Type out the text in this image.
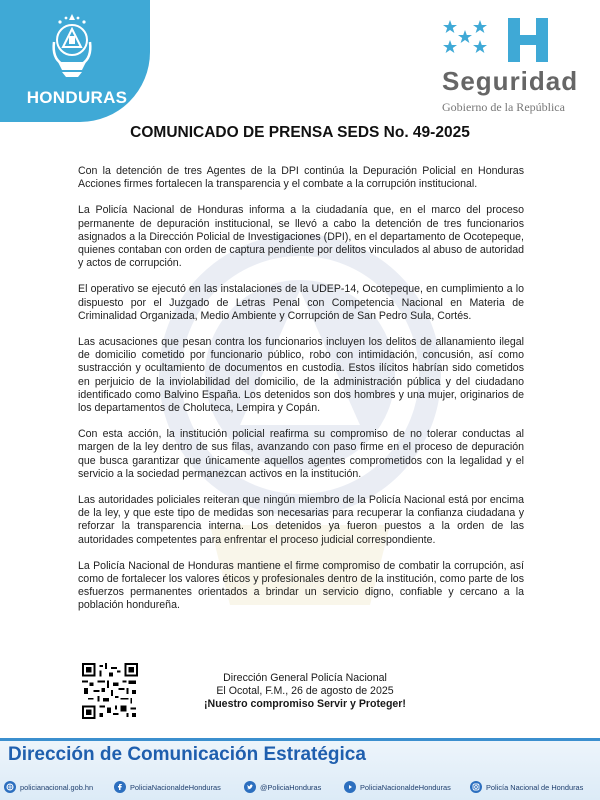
HONDURAS
Seguridad
Gobierno de la República
COMUNICADO DE PRENSA SEDS No. 49-2025

Con la detención de tres Agentes de la DPI continúa la Depuración Policial en Honduras Acciones firmes fortalecen la transparencia y el combate a la corrupción institucional.

La Policía Nacional de Honduras informa a la ciudadanía que, en el marco del proceso permanente de depuración institucional, se llevó a cabo la detención de tres funcionarios asignados a la Dirección Policial de Investigaciones (DPI), en el departamento de Ocotepeque, quienes contaban con orden de captura pendiente por delitos vinculados al abuso de autoridad y actos de corrupción.

El operativo se ejecutó en las instalaciones de la UDEP-14, Ocotepeque, en cumplimiento a lo dispuesto por el Juzgado de Letras Penal con Competencia Nacional en Materia de Criminalidad Organizada, Medio Ambiente y Corrupción de San Pedro Sula, Cortés.

Las acusaciones que pesan contra los funcionarios incluyen los delitos de allanamiento ilegal de domicilio cometido por funcionario público, robo con intimidación, concusión, así como sustracción y ocultamiento de documentos en custodia. Estos ilícitos habrían sido cometidos en perjuicio de la inviolabilidad del domicilio, de la administración pública y del ciudadano identificado como Balvino España. Los detenidos son dos hombres y una mujer, originarios de los departamentos de Choluteca, Lempira y Copán.

Con esta acción, la institución policial reafirma su compromiso de no tolerar conductas al margen de la ley dentro de sus filas, avanzando con paso firme en el proceso de depuración que busca garantizar que únicamente aquellos agentes comprometidos con la legalidad y el servicio a la sociedad permanezcan activos en la institución.

Las autoridades policiales reiteran que ningún miembro de la Policía Nacional está por encima de la ley, y que este tipo de medidas son necesarias para recuperar la confianza ciudadana y reforzar la transparencia interna. Los detenidos ya fueron puestos a la orden de las autoridades competentes para enfrentar el proceso judicial correspondiente.

La Policía Nacional de Honduras mantiene el firme compromiso de combatir la corrupción, así como de fortalecer los valores éticos y profesionales dentro de la institución, como parte de los esfuerzos permanentes orientados a brindar un servicio digno, confiable y cercano a la población hondureña.

Dirección General Policía Nacional
El Ocotal, F.M., 26 de agosto de 2025
¡Nuestro compromiso Servir y Proteger!
Dirección de Comunicación Estratégica
policianacional.gob.hn	PoliciaNacionaldeHonduras	@PoliciaHonduras	PoliciaNacionaldeHonduras	Policía Nacional de Honduras
